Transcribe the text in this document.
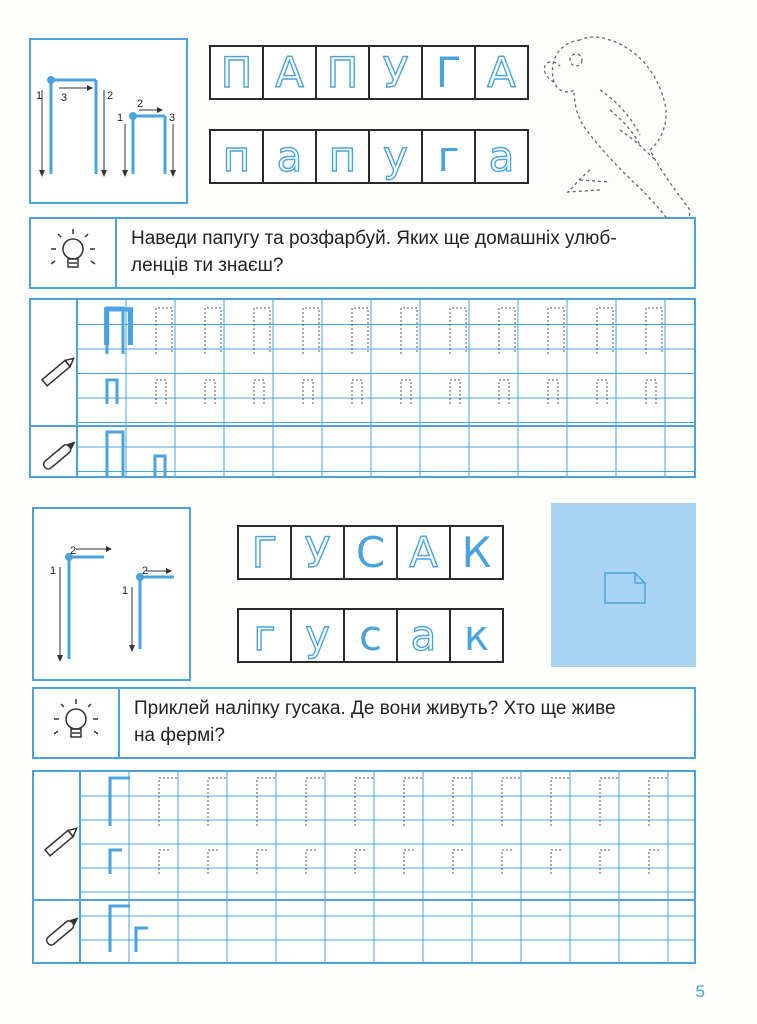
1 3	2
2
1	3
П А П У Г А
п а п у г а
Наведи папугу та розфарбуй. Яких ще домашніх улюб-
ленців ти знаєш?
П
2
1	2
1
Г У С А К
г у с а к
Приклей наліпку гусака. Де вони живуть? Хто ще живе
на фермі?
5
